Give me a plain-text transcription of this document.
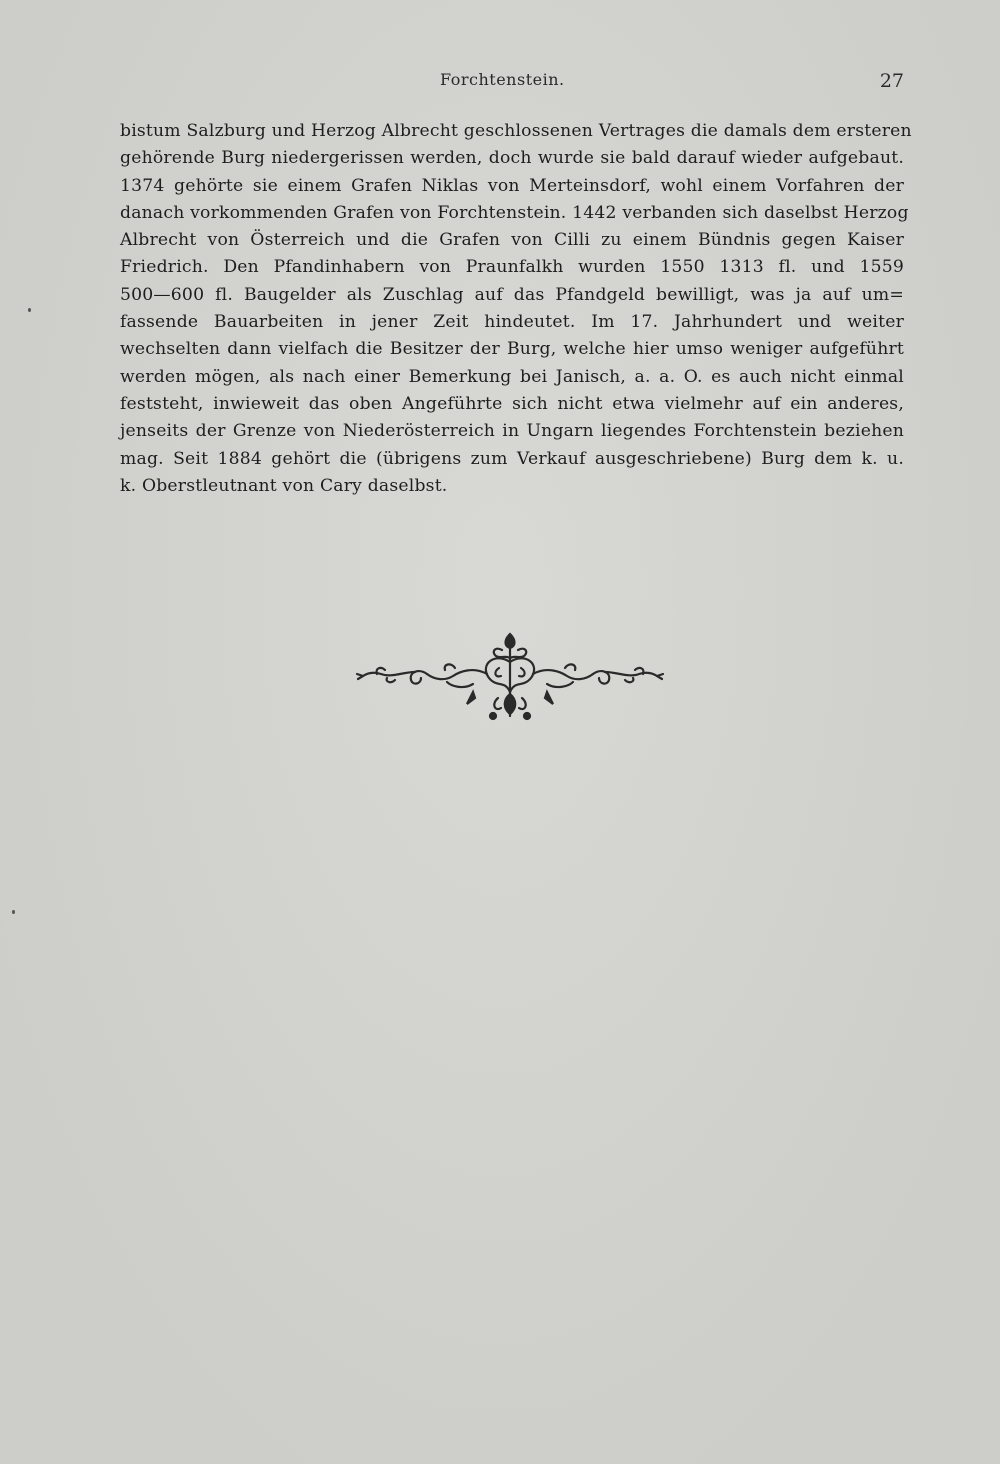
Forchtenstein.	27
bistum Salzburg und Herzog Albrecht geschlossenen Vertrages die damals dem ersteren
gehörende Burg niedergerissen werden, doch wurde sie bald darauf wieder aufgebaut.
1374 gehörte sie einem Grafen Niklas von Merteinsdorf, wohl einem Vorfahren der
danach vorkommenden Grafen von Forchtenstein. 1442 verbanden sich daselbst Herzog
Albrecht von Österreich und die Grafen von Cilli zu einem Bündnis gegen Kaiser
Friedrich. Den Pfandinhabern von Praunfalkh wurden 1550 1313 fl. und 1559
500—600 fl. Baugelder als Zuschlag auf das Pfandgeld bewilligt, was ja auf um=
fassende Bauarbeiten in jener Zeit hindeutet. Im 17. Jahrhundert und weiter
wechselten dann vielfach die Besitzer der Burg, welche hier umso weniger aufgeführt
werden mögen, als nach einer Bemerkung bei Janisch, a. a. O. es auch nicht einmal
feststeht, inwieweit das oben Angeführte sich nicht etwa vielmehr auf ein anderes,
jenseits der Grenze von Niederösterreich in Ungarn liegendes Forchtenstein beziehen
mag. Seit 1884 gehört die (übrigens zum Verkauf ausgeschriebene) Burg dem k. u.
k. Oberstleutnant von Cary daselbst.
